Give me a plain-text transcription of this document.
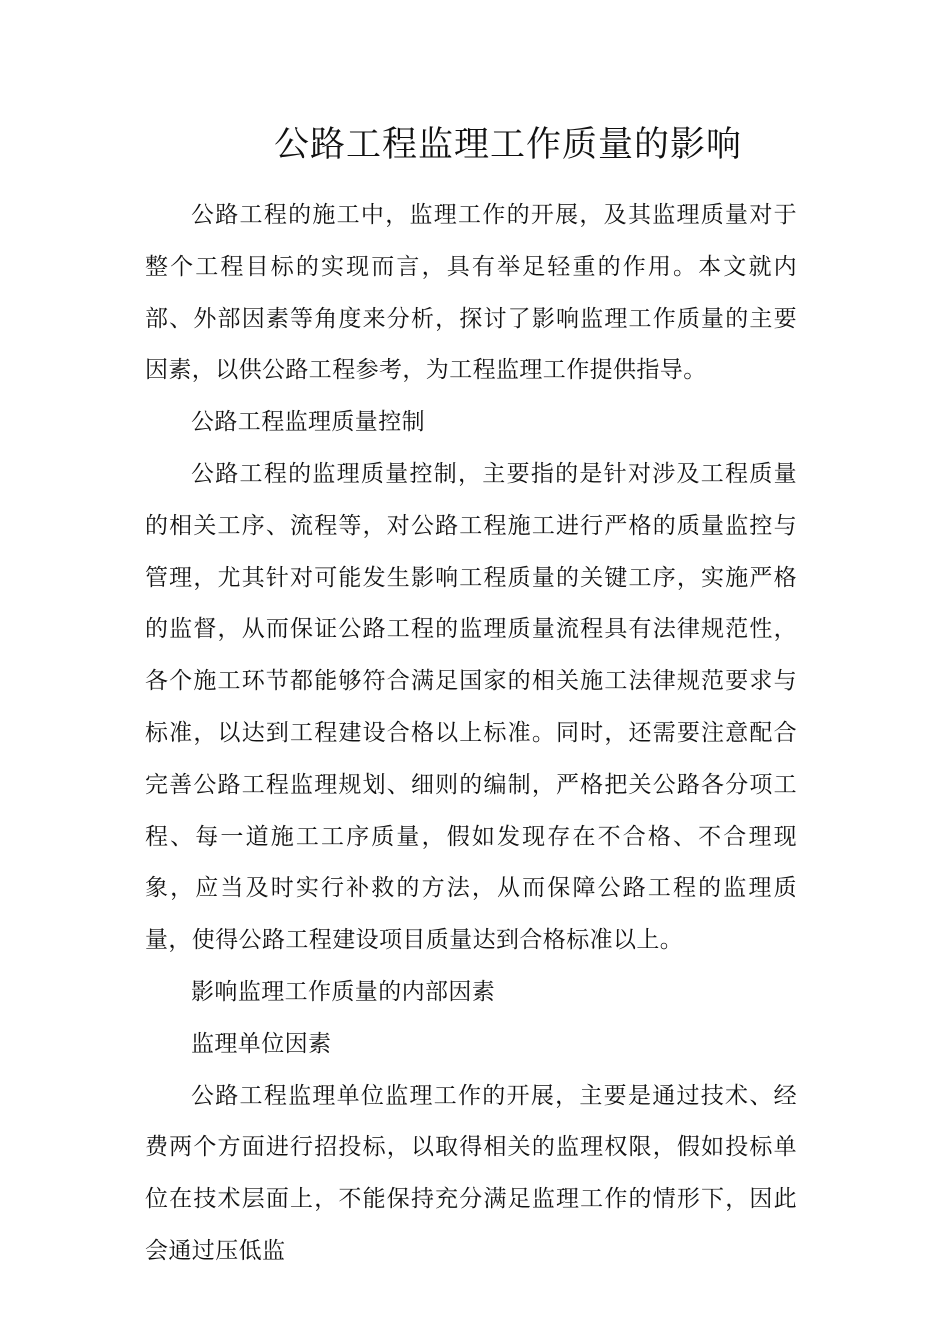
公路工程监理工作质量的影响

公路工程的施工中，监理工作的开展，及其监理质量对于整个工程目标的实现而言，具有举足轻重的作用。本文就内部、外部因素等角度来分析，探讨了影响监理工作质量的主要因素，以供公路工程参考，为工程监理工作提供指导。

公路工程监理质量控制

公路工程的监理质量控制，主要指的是针对涉及工程质量的相关工序、流程等，对公路工程施工进行严格的质量监控与管理，尤其针对可能发生影响工程质量的关键工序，实施严格的监督，从而保证公路工程的监理质量流程具有法律规范性，各个施工环节都能够符合满足国家的相关施工法律规范要求与标准，以达到工程建设合格以上标准。同时，还需要注意配合完善公路工程监理规划、细则的编制，严格把关公路各分项工程、每一道施工工序质量，假如发现存在不合格、不合理现象，应当及时实行补救的方法，从而保障公路工程的监理质量，使得公路工程建设项目质量达到合格标准以上。

影响监理工作质量的内部因素

监理单位因素

公路工程监理单位监理工作的开展，主要是通过技术、经费两个方面进行招投标，以取得相关的监理权限，假如投标单位在技术层面上，不能保持充分满足监理工作的情形下，因此会通过压低监
